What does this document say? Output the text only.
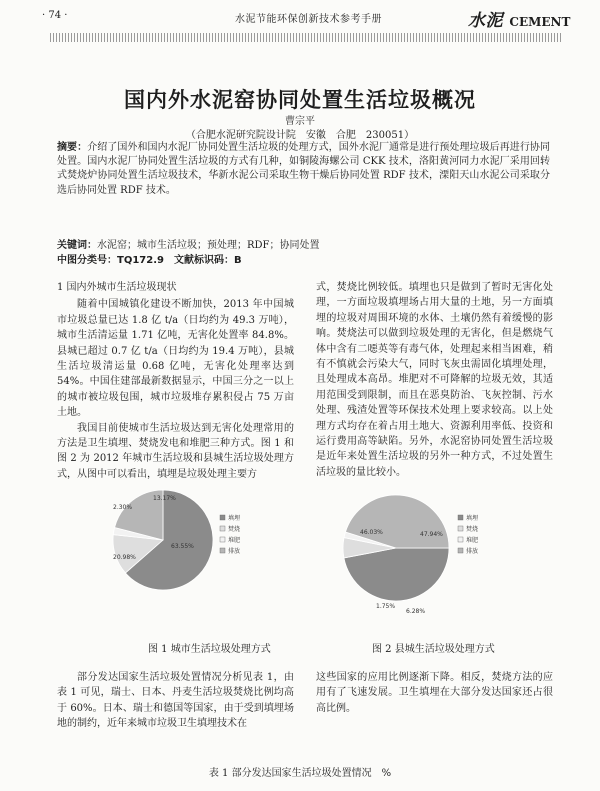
· 74 ·	水泥节能环保创新技术参考手册	水泥 CEMENT
国内外水泥窑协同处置生活垃圾概况
曹宗平
（合肥水泥研究院设计院　安徽　合肥　230051）
摘要：介绍了国外和国内水泥厂协同处置生活垃圾的处理方式，国外水泥厂通常是进行预处理垃圾后再进行协同处置。国内水泥厂协同处置生活垃圾的方式有几种，如铜陵海螺公司 CKK 技术，洛阳黄河同力水泥厂采用回转式焚烧炉协同处置生活垃圾技术，华新水泥公司采取生物干燥后协同处置 RDF 技术，溧阳天山水泥公司采取分选后协同处置 RDF 技术。
关键词：水泥窑；城市生活垃圾；预处理；RDF；协同处置
中图分类号：TQ172.9　文献标识码：B

1 国内外城市生活垃圾现状

随着中国城镇化建设不断加快，2013 年中国城市垃圾总量已达 1.8 亿 t/a（日均约为 49.3 万吨），城市生活清运量 1.71 亿吨，无害化处置率 84.8%。县城已超过 0.7 亿 t/a（日均约为 19.4 万吨），县城生活垃圾清运量 0.68 亿吨，无害化处理率达到 54%。中国住建部最新数据显示，中国三分之一以上的城市被垃圾包围，城市垃圾堆存累积侵占 75 万亩土地。

我国目前使城市生活垃圾达到无害化处理常用的方法是卫生填埋、焚烧发电和堆肥三种方式。图 1 和图 2 为 2012 年城市生活垃圾和县城生活垃圾处理方式，从图中可以看出，填埋是垃圾处理主要方

式，焚烧比例较低。填埋也只是做到了暂时无害化处理，一方面垃圾填埋场占用大量的土地，另一方面填埋的垃圾对周围环境的水体、土壤仍然有着缓慢的影响。焚烧法可以做到垃圾处理的无害化，但是燃烧气体中含有二噁英等有毒气体，处理起来相当困难，稍有不慎就会污染大气，同时飞灰虫需固化填埋处理，且处理成本高昂。堆肥对不可降解的垃圾无效，其适用范围受到限制，而且在恶臭防治、飞灰控制、污水处理、残渣处置等环保技术处理上要求较高。以上处理方式均存在着占用土地大、资源利用率低、投资和运行费用高等缺陷。另外，水泥窑协同处置生活垃圾是近年来处置生活垃圾的另外一种方式，不过处置生活垃圾的量比较小。

63.55%
13.17%
2.30%
20.98%
填埋
焚烧
堆肥
排放
47.94%
6.28%
1.75%
46.03%
填埋
焚烧
堆肥
排放
图 1 城市生活垃圾处理方式	图 2 县城生活垃圾处理方式

部分发达国家生活垃圾处置情况分析见表 1，由表 1 可见，瑞士、日本、丹麦生活垃圾焚烧比例均高于 60%。日本、瑞士和德国等国家，由于受到填埋场地的制约，近年来城市垃圾卫生填埋技术在

这些国家的应用比例逐渐下降。相反，焚烧方法的应用有了飞速发展。卫生填埋在大部分发达国家还占很高比例。

表 1 部分发达国家生活垃圾处置情况　%
